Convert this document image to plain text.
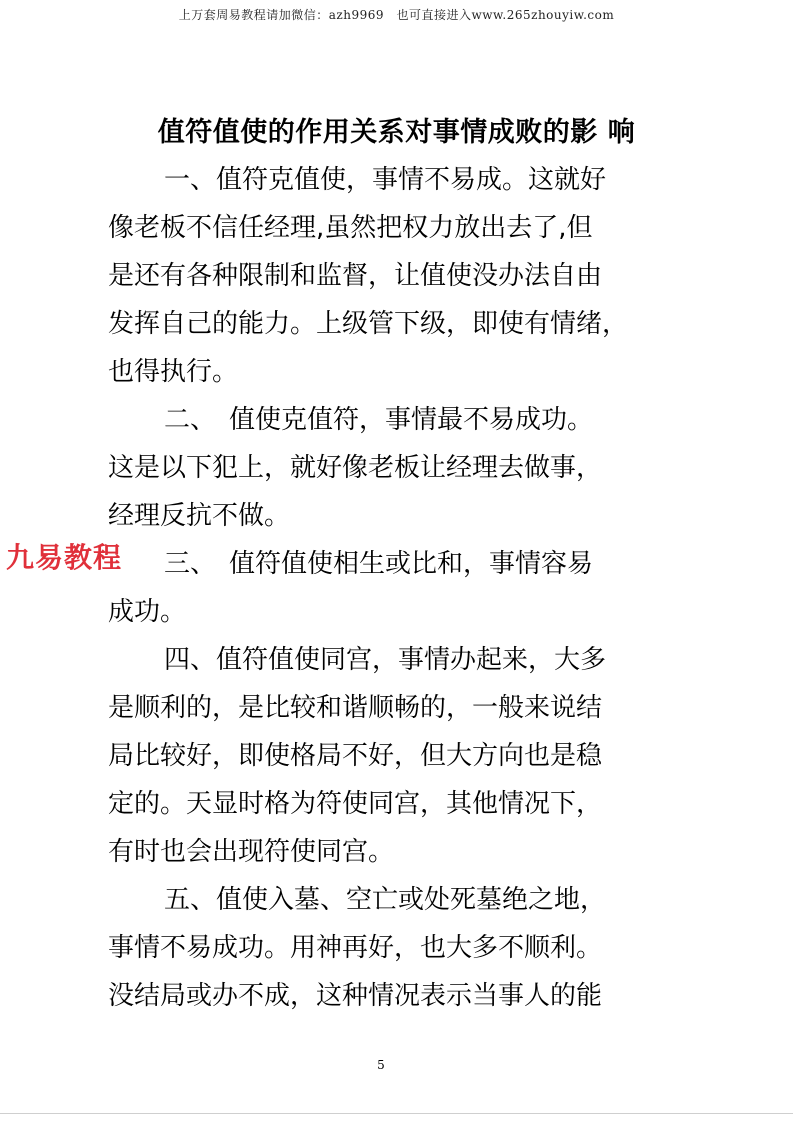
上万套周易教程请加微信：azh9969　也可直接进入www.265zhouyiw.com
值符值使的作用关系对事情成败的影 响
一、值符克值使，事情不易成。这就好
像老板不信任经理,虽然把权力放出去了,但
是还有各种限制和监督，让值使没办法自由
发挥自己的能力。上级管下级，即使有情绪，
也得执行。
二、　值使克值符，事情最不易成功。
这是以下犯上，就好像老板让经理去做事，
经理反抗不做。
三、　值符值使相生或比和，事情容易
成功。
四、值符值使同宫，事情办起来，大多
是顺利的，是比较和谐顺畅的，一般来说结
局比较好，即使格局不好，但大方向也是稳
定的。天显时格为符使同宫，其他情况下，
有时也会出现符使同宫。
五、值使入墓、空亡或处死墓绝之地，
事情不易成功。用神再好，也大多不顺利。
没结局或办不成，这种情况表示当事人的能
九易教程
5
